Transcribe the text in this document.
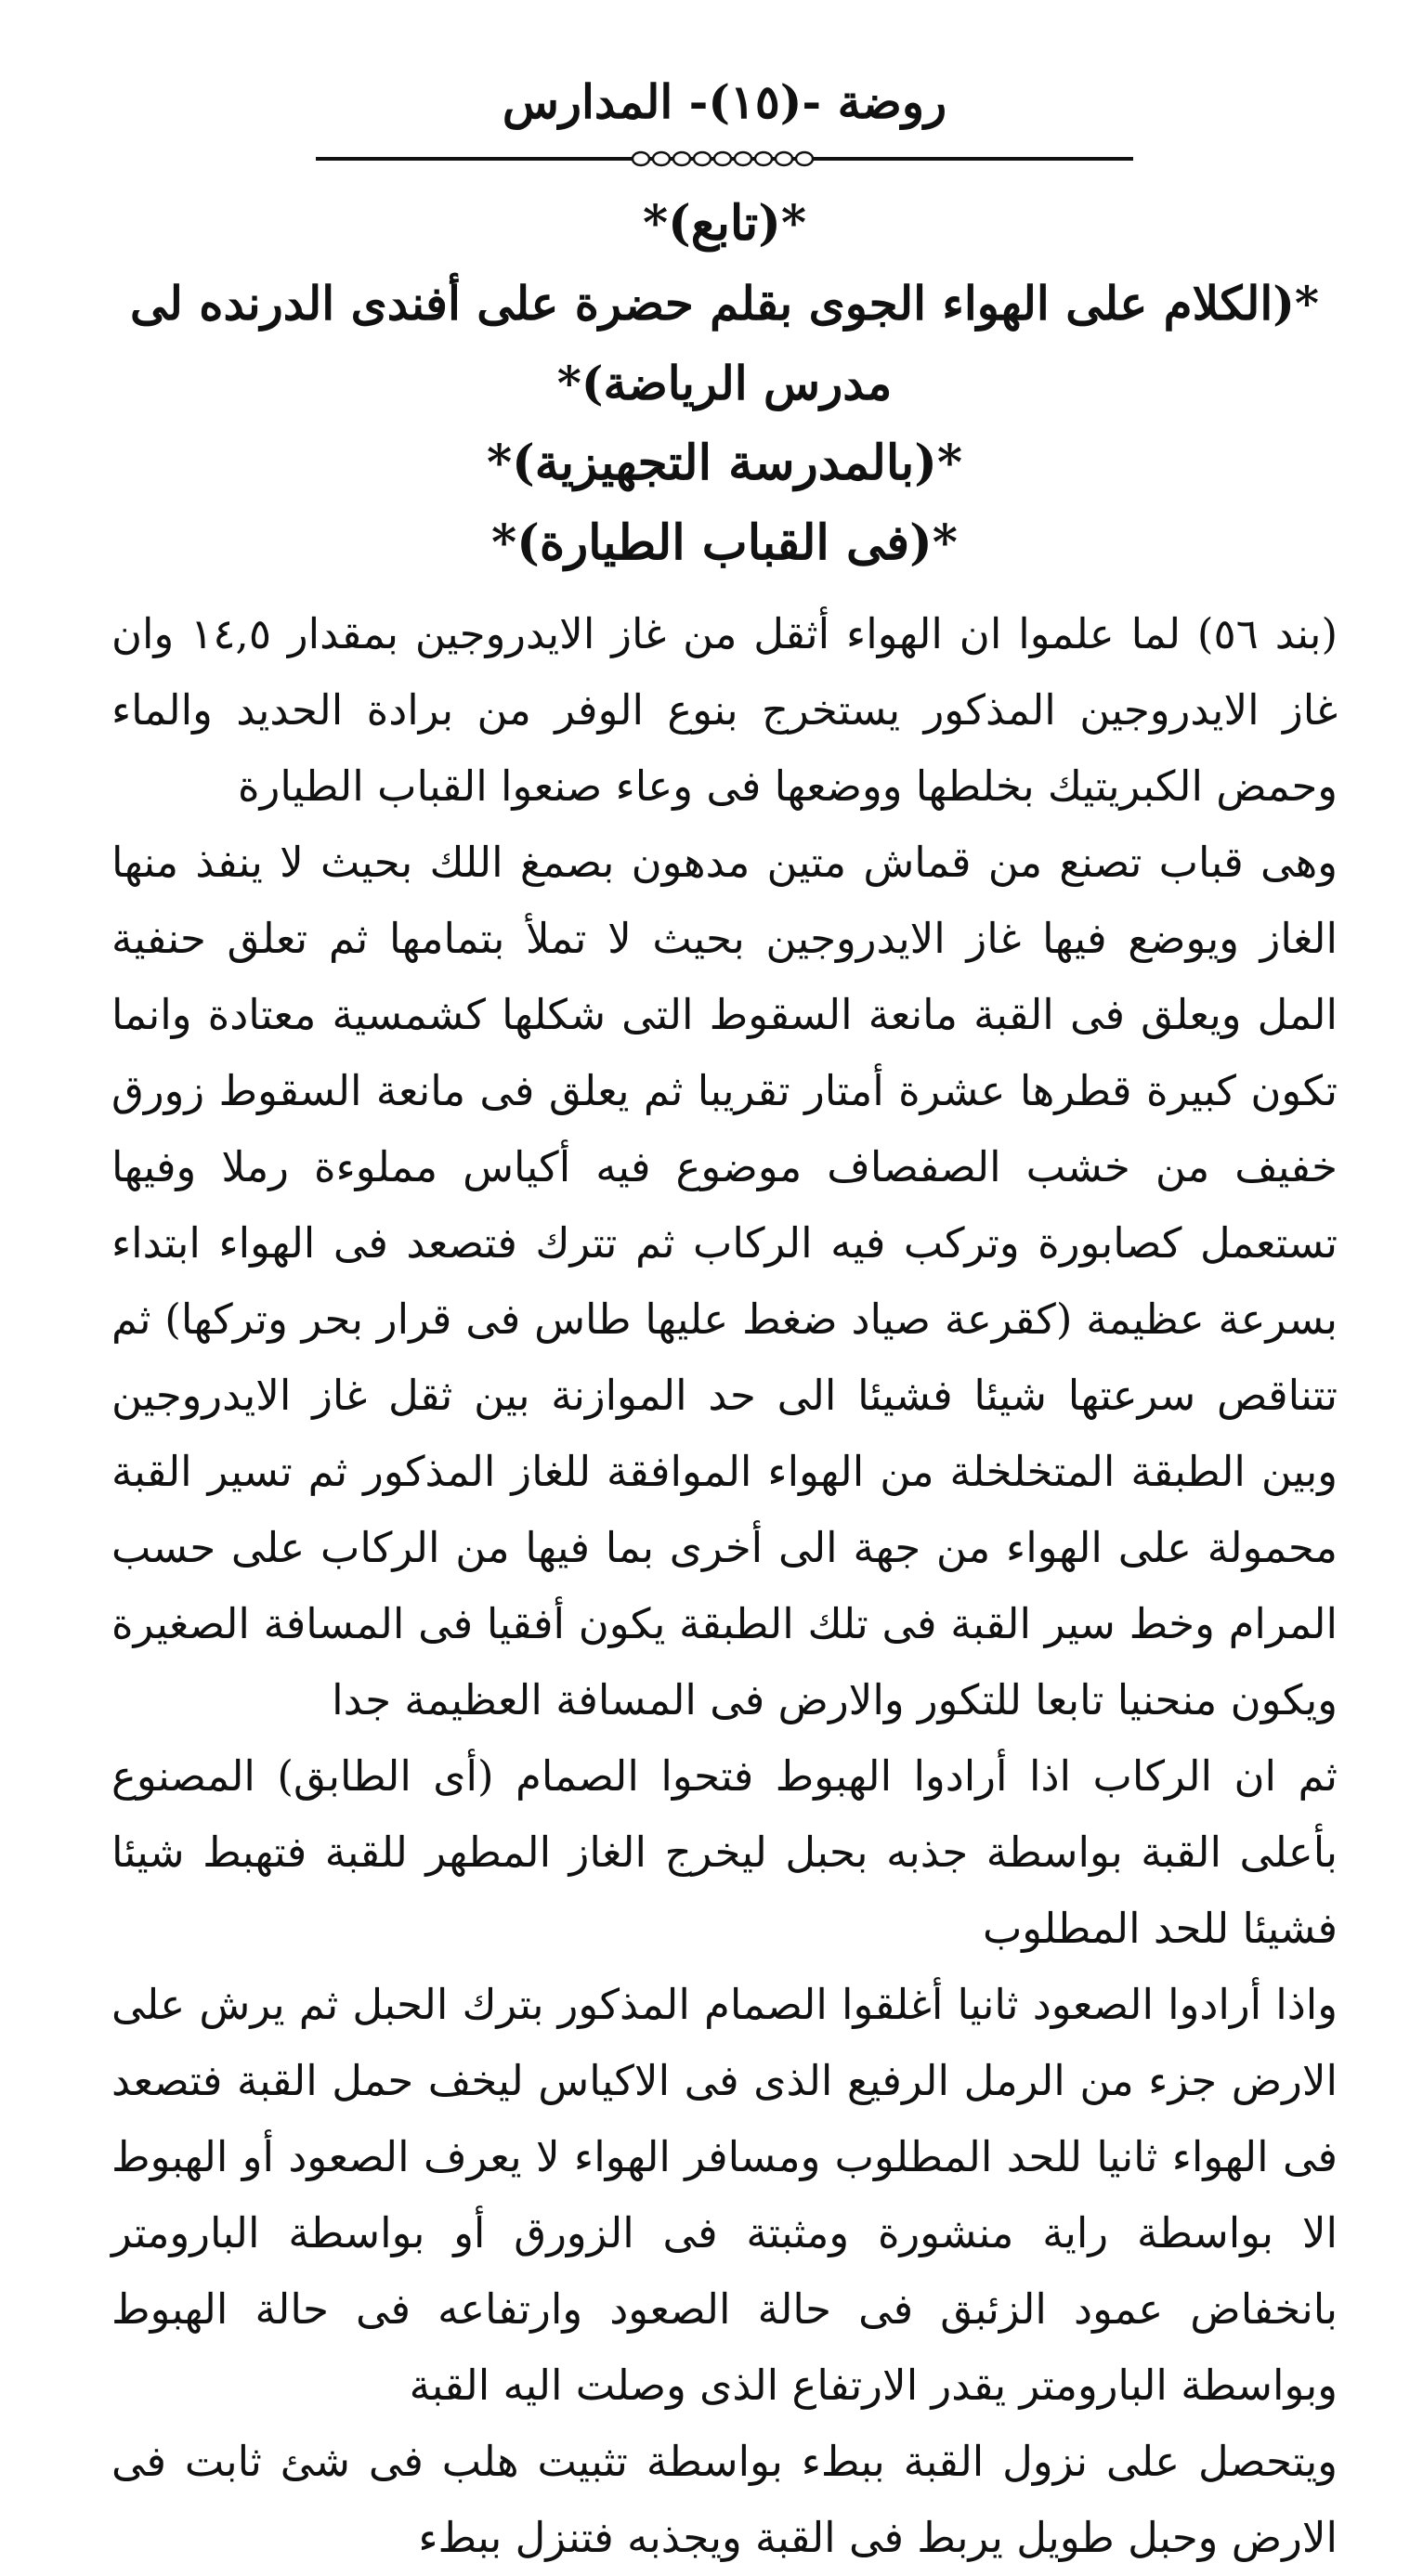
روضة -(١٥)- المدارس
*(تابع)*
*(الكلام على الهواء الجوى بقلم حضرة على أفندى الدرنده لى مدرس الرياضة)*
*(بالمدرسة التجهيزية)*
*(فى القباب الطيارة)*

(بند ٥٦) لما علموا ان الهواء أثقل من غاز الايدروجين بمقدار ١٤,٥ وان غاز الايدروجين المذكور يستخرج بنوع الوفر من برادة الحديد والماء وحمض الكبريتيك بخلطها ووضعها فى وعاء صنعوا القباب الطيارة

وهى قباب تصنع من قماش متين مدهون بصمغ اللك بحيث لا ينفذ منها الغاز ويوضع فيها غاز الايدروجين بحيث لا تملأ بتمامها ثم تعلق حنفية المل ويعلق فى القبة مانعة السقوط التى شكلها كشمسية معتادة وانما تكون كبيرة قطرها عشرة أمتار تقريبا ثم يعلق فى مانعة السقوط زورق خفيف من خشب الصفصاف موضوع فيه أكياس مملوءة رملا وفيها تستعمل كصابورة وتركب فيه الركاب ثم تترك فتصعد فى الهواء ابتداء بسرعة عظيمة (كقرعة صياد ضغط عليها طاس فى قرار بحر وتركها) ثم تتناقص سرعتها شيئا فشيئا الى حد الموازنة بين ثقل غاز الايدروجين وبين الطبقة المتخلخلة من الهواء الموافقة للغاز المذكور ثم تسير القبة محمولة على الهواء من جهة الى أخرى بما فيها من الركاب على حسب المرام وخط سير القبة فى تلك الطبقة يكون أفقيا فى المسافة الصغيرة ويكون منحنيا تابعا للتكور والارض فى المسافة العظيمة جدا

ثم ان الركاب اذا أرادوا الهبوط فتحوا الصمام (أى الطابق) المصنوع بأعلى القبة بواسطة جذبه بحبل ليخرج الغاز المطهر للقبة فتهبط شيئا فشيئا للحد المطلوب

واذا أرادوا الصعود ثانيا أغلقوا الصمام المذكور بترك الحبل ثم يرش على الارض جزء من الرمل الرفيع الذى فى الاكياس ليخف حمل القبة فتصعد فى الهواء ثانيا للحد المطلوب ومسافر الهواء لا يعرف الصعود أو الهبوط الا بواسطة راية منشورة ومثبتة فى الزورق أو بواسطة البارومتر بانخفاض عمود الزئبق فى حالة الصعود وارتفاعه فى حالة الهبوط وبواسطة البارومتر يقدر الارتفاع الذى وصلت اليه القبة

ويتحصل على نزول القبة ببطء بواسطة تثبيت هلب فى شئ ثابت فى الارض وحبل طويل يربط فى القبة ويجذبه فتنزل ببطء
